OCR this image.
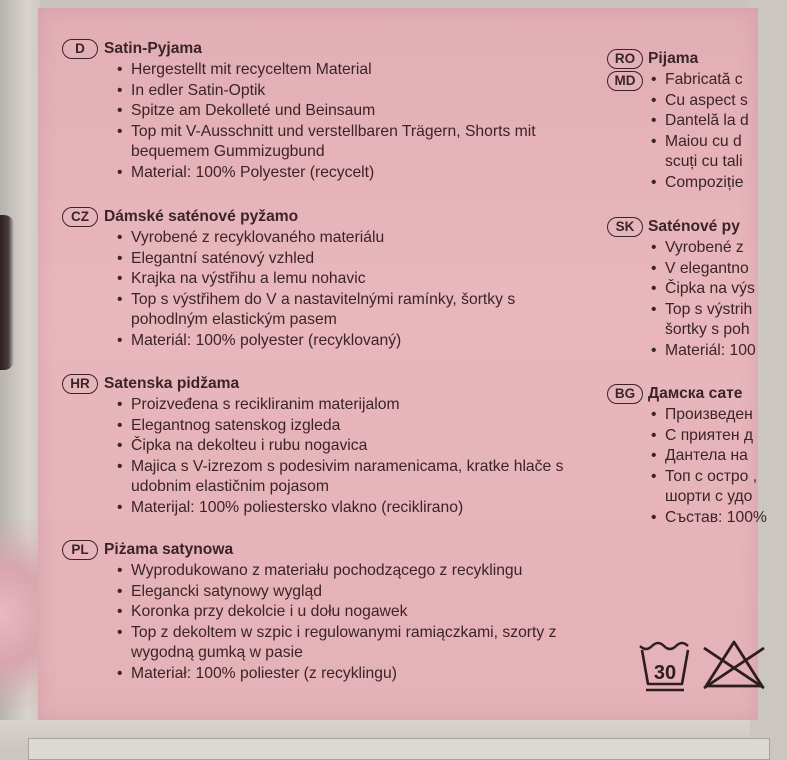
D	Satin-Pyjama
• Hergestellt mit recyceltem Material
• In edler Satin-Optik
• Spitze am Dekolleté und Beinsaum
• Top mit V-Ausschnitt und verstellbaren Trägern, Shorts mit
bequemem Gummizugbund
• Material: 100% Polyester (recycelt)
CZ Dámské saténové pyžamo
• Vyrobené z recyklovaného materiálu
• Elegantní saténový vzhled
• Krajka na výstřihu a lemu nohavic
• Top s výstřihem do V a nastavitelnými ramínky, šortky s
pohodlným elastickým pasem
• Materiál: 100% polyester (recyklovaný)
HR Satenska pidžama
• Proizveđena s recikliranim materijalom
• Elegantnog satenskog izgleda
• Čipka na dekolteu i rubu nogavica
• Majica s V-izrezom s podesivim naramenicama, kratke hlače s
udobnim elastičnim pojasom
• Materijal: 100% poliestersko vlakno (reciklirano)
PL Piżama satynowa
• Wyprodukowano z materiału pochodzącego z recyklingu
• Elegancki satynowy wygląd
• Koronka przy dekolcie i u dołu nogawek
• Top z dekoltem w szpic i regulowanymi ramiączkami, szorty z
wygodną gumką w pasie
• Materiał: 100% poliester (z recyklingu)
RO Pijama
MD • Fabricată c
• Cu aspect s
• Dantelă la d
• Maiou cu d
scuți cu tali
• Compoziție
SK Saténové py
• Vyrobené z
• V elegantno
• Čipka na výs
• Top s výstrih
šortky s poh
• Materiál: 100
BG Дамска сате
• Произведен
• С приятен д
• Дантела на
• Топ с остро ,
шорти с удо
• Състав: 100%
30
